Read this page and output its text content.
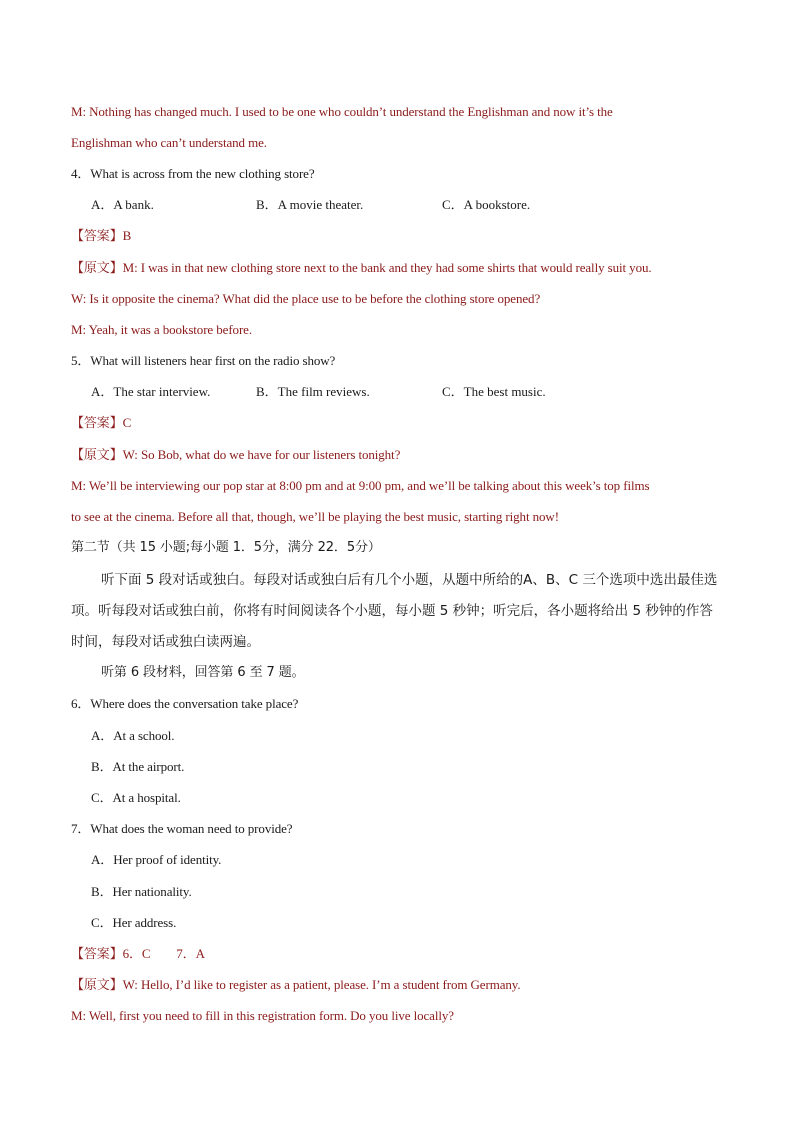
M: Nothing has changed much. I used to be one who couldn’t understand the Englishman and now it’s the
Englishman who can’t understand me.
4．What is across from the new clothing store?
A．A bank.	B．A movie theater.	C．A bookstore.
【答案】B
【原文】M: I was in that new clothing store next to the bank and they had some shirts that would really suit you.
W: Is it opposite the cinema? What did the place use to be before the clothing store opened?
M: Yeah, it was a bookstore before.
5．What will listeners hear first on the radio show?
A．The star interview.	B．The film reviews.	C．The best music.
【答案】C
【原文】W: So Bob, what do we have for our listeners tonight?
M: We’ll be interviewing our pop star at 8:00 pm and at 9:00 pm, and we’ll be talking about this week’s top films
to see at the cinema. Before all that, though, we’ll be playing the best music, starting right now!
第二节（共 15 小题;每小题 1．5分，满分 22．5分）
听下面 5 段对话或独白。每段对话或独白后有几个小题，从题中所给的A、B、C 三个选项中选出最佳选项。听每段对话或独白前，你将有时间阅读各个小题，每小题 5 秒钟；听完后，各小题将给出 5 秒钟的作答时间，每段对话或独白读两遍。
听第 6 段材料，回答第 6 至 7 题。
6．Where does the conversation take place?
A．At a school.
B．At the airport.
C．At a hospital.
7．What does the woman need to provide?
A．Her proof of identity.
B．Her nationality.
C．Her address.
【答案】6．C　　7．A
【原文】W: Hello, I’d like to register as a patient, please. I’m a student from Germany.
M: Well, first you need to fill in this registration form. Do you live locally?
